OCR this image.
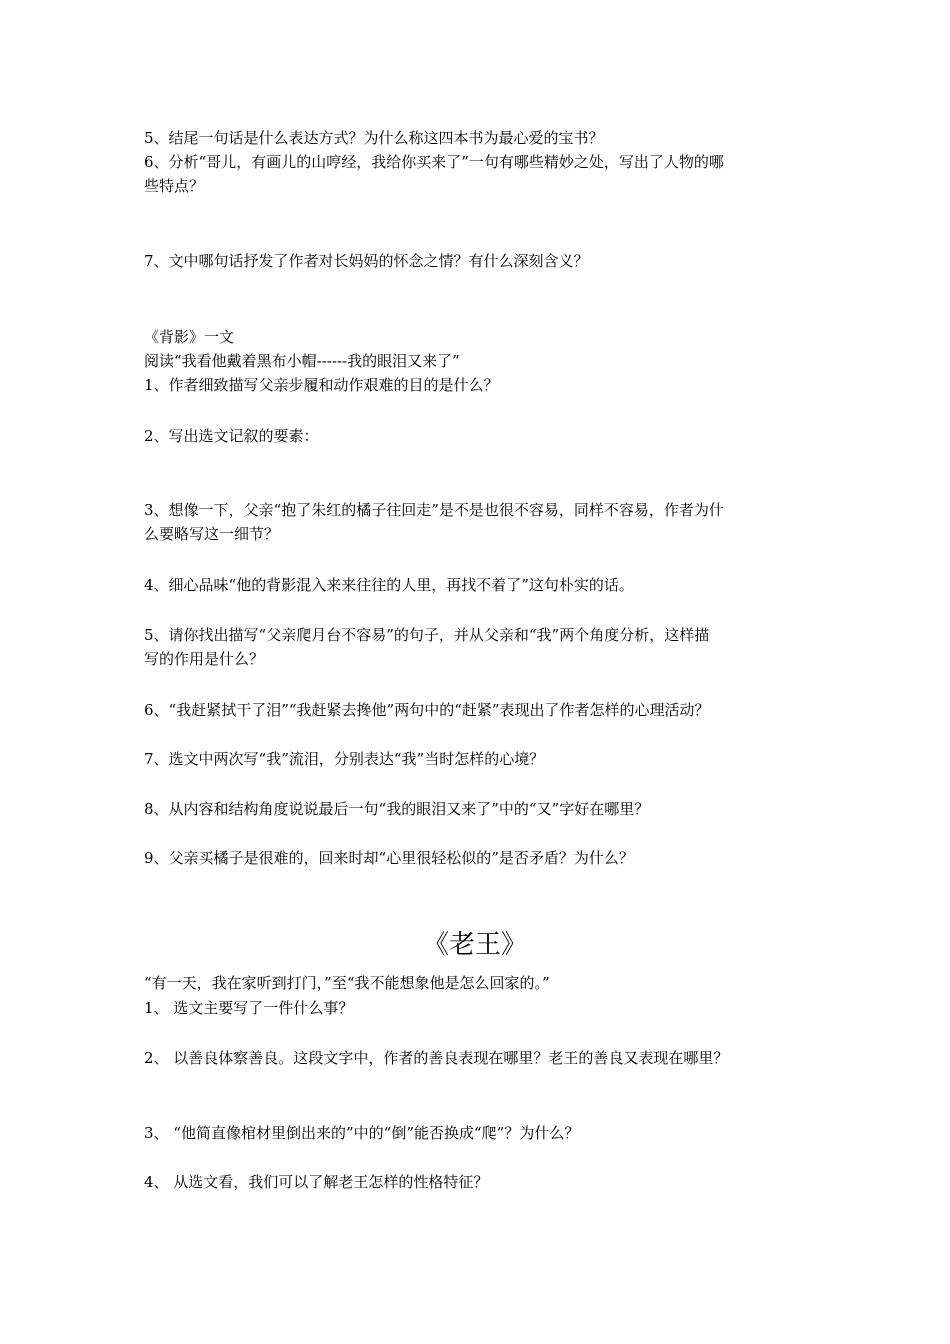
5、结尾一句话是什么表达方式？为什么称这四本书为最心爱的宝书？
6、分析“哥儿，有画儿的山哼经，我给你买来了”一句有哪些精妙之处，写出了人物的哪
些特点？
7、文中哪句话抒发了作者对长妈妈的怀念之情？有什么深刻含义？
《背影》一文
阅读“我看他戴着黑布小帽------我的眼泪又来了”
1、作者细致描写父亲步履和动作艰难的目的是什么？
2、写出选文记叙的要素：
3、想像一下，父亲“抱了朱红的橘子往回走”是不是也很不容易，同样不容易，作者为什
么要略写这一细节？
4、细心品味“他的背影混入来来往往的人里，再找不着了”这句朴实的话。
5、请你找出描写“父亲爬月台不容易”的句子，并从父亲和“我”两个角度分析，这样描
写的作用是什么？
6、“我赶紧拭干了泪”“我赶紧去搀他”两句中的“赶紧”表现出了作者怎样的心理活动？
7、选文中两次写“我”流泪，分别表达“我”当时怎样的心境？
8、从内容和结构角度说说最后一句“我的眼泪又来了”中的“又”字好在哪里？
9、父亲买橘子是很难的，回来时却“心里很轻松似的”是否矛盾？为什么？
《老王》
“有一天，我在家听到打门，”至“我不能想象他是怎么回家的。”
1、 选文主要写了一件什么事？
2、 以善良体察善良。这段文字中，作者的善良表现在哪里？老王的善良又表现在哪里？
3、 “他简直像棺材里倒出来的”中的“倒”能否换成“爬”？为什么？
4、 从选文看，我们可以了解老王怎样的性格特征？
